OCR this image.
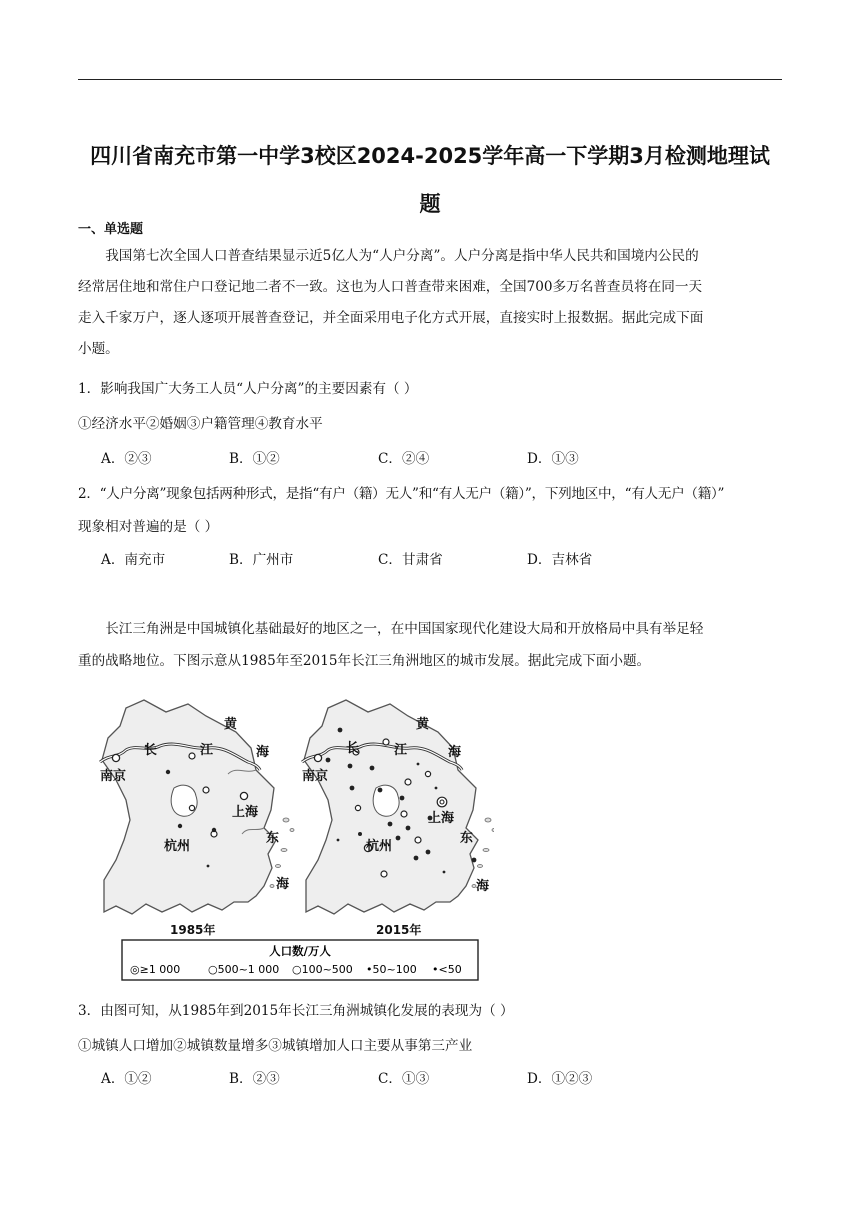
四川省南充市第一中学3校区2024-2025学年高一下学期3月检测地理试
题
一、单选题
我国第七次全国人口普查结果显示近5亿人为“人户分离”。人户分离是指中华人民共和国境内公民的
经常居住地和常住户口登记地二者不一致。这也为人口普查带来困难，全国700多万名普查员将在同一天
走入千家万户，逐人逐项开展普查登记，并全面采用电子化方式开展，直接实时上报数据。据此完成下面
小题。
1．影响我国广大务工人员“人户分离”的主要因素有（ ）
①经济水平②婚姻③户籍管理④教育水平
A．②③	B．①②	C．②④	D．①③
2．“人户分离”现象包括两种形式，是指“有户（籍）无人”和“有人无户（籍）”，下列地区中，“有人无户（籍）”
现象相对普遍的是（ ）
A．南充市	B．广州市	C．甘肃省	D．吉林省
长江三角洲是中国城镇化基础最好的地区之一，在中国国家现代化建设大局和开放格局中具有举足轻
重的战略地位。下图示意从1985年至2015年长江三角洲地区的城市发展。据此完成下面小题。
黄
海
长	江
南京
上海
东
杭州
海
1985年
黄
海
长	江
南京
上海
东
杭州
海
2015年
人口数/万人
◎≥1 000	○500~1 000 ○100~500 •50~100 •<50
3．由图可知，从1985年到2015年长江三角洲城镇化发展的表现为（ ）
①城镇人口增加②城镇数量增多③城镇增加人口主要从事第三产业
A．①②	B．②③	C．①③	D．①②③
